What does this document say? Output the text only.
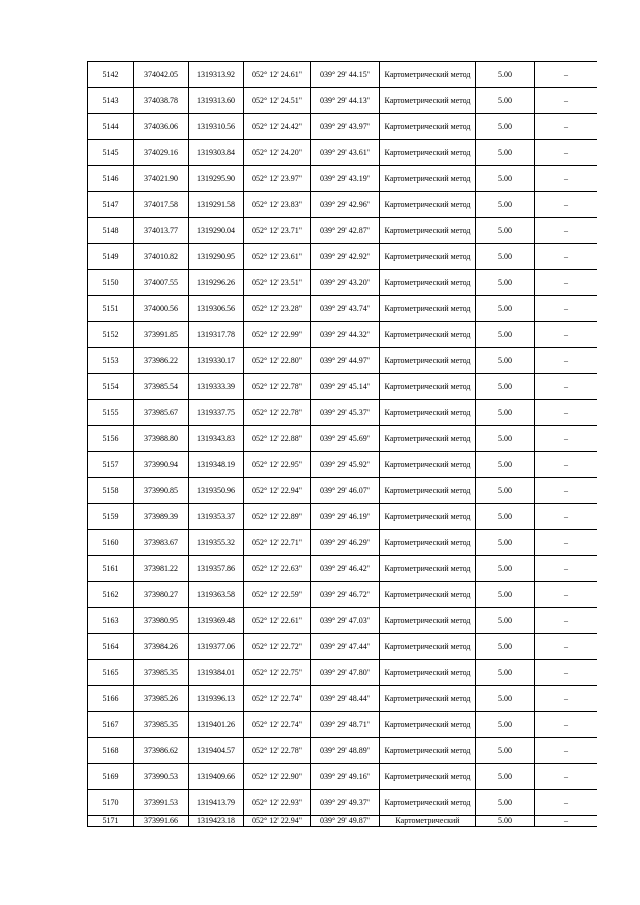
5142	374042.05	1319313.92	052° 12' 24.61"	039° 29' 44.15"	Картометрический метод	5.00	–
5143	374038.78	1319313.60	052° 12' 24.51"	039° 29' 44.13"	Картометрический метод	5.00	–
5144	374036.06	1319310.56	052° 12' 24.42"	039° 29' 43.97"	Картометрический метод	5.00	–
5145	374029.16	1319303.84	052° 12' 24.20"	039° 29' 43.61"	Картометрический метод	5.00	–
5146	374021.90	1319295.90	052° 12' 23.97"	039° 29' 43.19"	Картометрический метод	5.00	–
5147	374017.58	1319291.58	052° 12' 23.83"	039° 29' 42.96"	Картометрический метод	5.00	–
5148	374013.77	1319290.04	052° 12' 23.71"	039° 29' 42.87"	Картометрический метод	5.00	–
5149	374010.82	1319290.95	052° 12' 23.61"	039° 29' 42.92"	Картометрический метод	5.00	–
5150	374007.55	1319296.26	052° 12' 23.51"	039° 29' 43.20"	Картометрический метод	5.00	–
5151	374000.56	1319306.56	052° 12' 23.28"	039° 29' 43.74"	Картометрический метод	5.00	–
5152	373991.85	1319317.78	052° 12' 22.99"	039° 29' 44.32"	Картометрический метод	5.00	–
5153	373986.22	1319330.17	052° 12' 22.80"	039° 29' 44.97"	Картометрический метод	5.00	–
5154	373985.54	1319333.39	052° 12' 22.78"	039° 29' 45.14"	Картометрический метод	5.00	–
5155	373985.67	1319337.75	052° 12' 22.78"	039° 29' 45.37"	Картометрический метод	5.00	–
5156	373988.80	1319343.83	052° 12' 22.88"	039° 29' 45.69"	Картометрический метод	5.00	–
5157	373990.94	1319348.19	052° 12' 22.95"	039° 29' 45.92"	Картометрический метод	5.00	–
5158	373990.85	1319350.96	052° 12' 22.94"	039° 29' 46.07"	Картометрический метод	5.00	–
5159	373989.39	1319353.37	052° 12' 22.89"	039° 29' 46.19"	Картометрический метод	5.00	–
5160	373983.67	1319355.32	052° 12' 22.71"	039° 29' 46.29"	Картометрический метод	5.00	–
5161	373981.22	1319357.86	052° 12' 22.63"	039° 29' 46.42"	Картометрический метод	5.00	–
5162	373980.27	1319363.58	052° 12' 22.59"	039° 29' 46.72"	Картометрический метод	5.00	–
5163	373980.95	1319369.48	052° 12' 22.61"	039° 29' 47.03"	Картометрический метод	5.00	–
5164	373984.26	1319377.06	052° 12' 22.72"	039° 29' 47.44"	Картометрический метод	5.00	–
5165	373985.35	1319384.01	052° 12' 22.75"	039° 29' 47.80"	Картометрический метод	5.00	–
5166	373985.26	1319396.13	052° 12' 22.74"	039° 29' 48.44"	Картометрический метод	5.00	–
5167	373985.35	1319401.26	052° 12' 22.74"	039° 29' 48.71"	Картометрический метод	5.00	–
5168	373986.62	1319404.57	052° 12' 22.78"	039° 29' 48.89"	Картометрический метод	5.00	–
5169	373990.53	1319409.66	052° 12' 22.90"	039° 29' 49.16"	Картометрический метод	5.00	–
5170	373991.53	1319413.79	052° 12' 22.93"	039° 29' 49.37"	Картометрический метод	5.00	–
5171	373991.66	1319423.18	052° 12' 22.94"	039° 29' 49.87"	Картометрический	5.00	–
